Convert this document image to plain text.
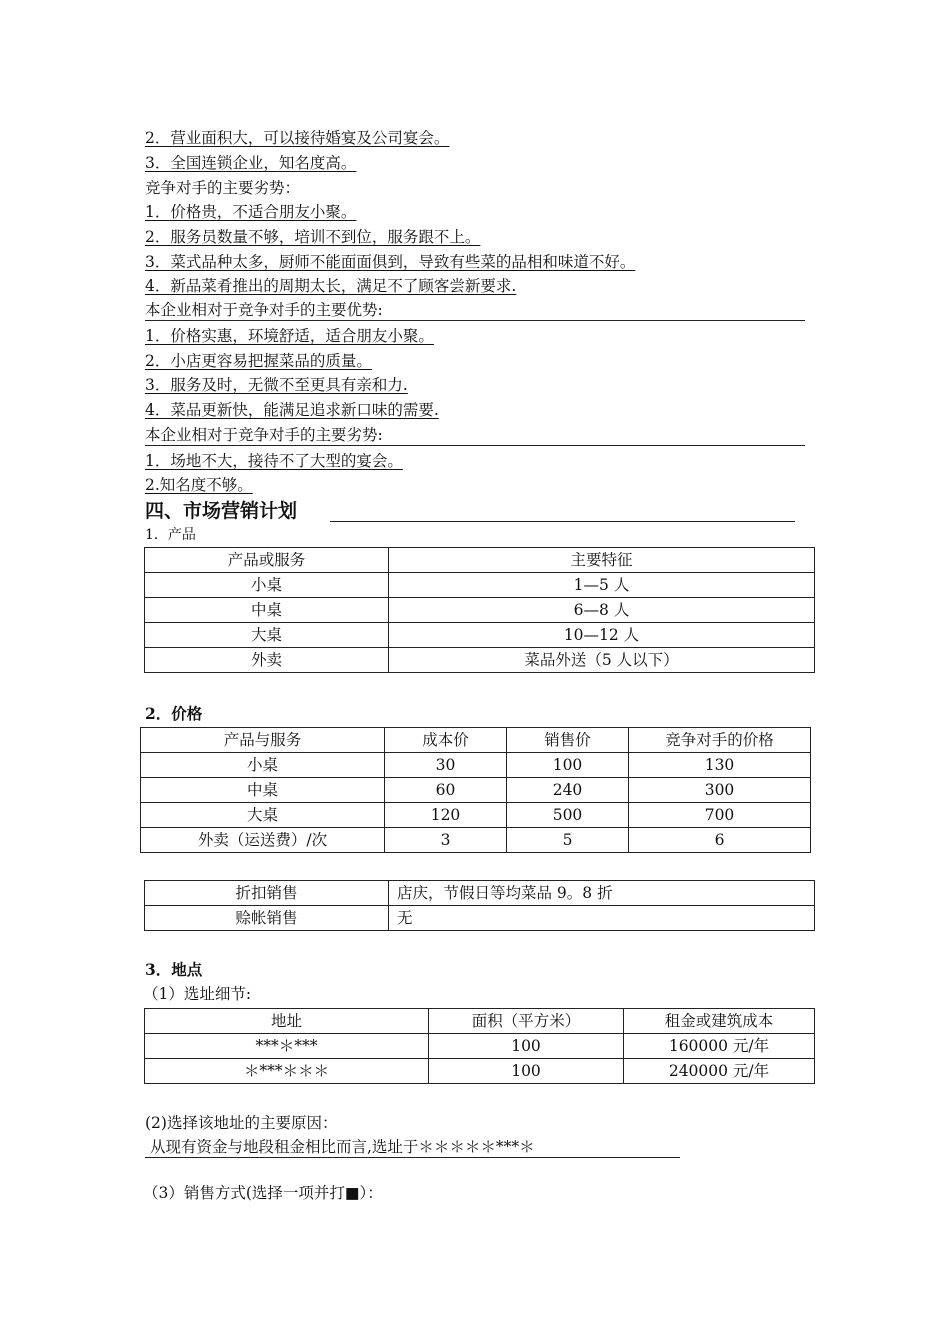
2．营业面积大，可以接待婚宴及公司宴会。
3．全国连锁企业，知名度高。
竞争对手的主要劣势：
1．价格贵，不适合朋友小聚。
2．服务员数量不够，培训不到位，服务跟不上。
3．菜式品种太多，厨师不能面面俱到，导致有些菜的品相和味道不好。
4．新品菜肴推出的周期太长，满足不了顾客尝新要求.
本企业相对于竞争对手的主要优势:
1．价格实惠，环境舒适，适合朋友小聚。
2．小店更容易把握菜品的质量。
3．服务及时，无微不至更具有亲和力.
4．菜品更新快，能满足追求新口味的需要.
本企业相对于竞争对手的主要劣势:
1．场地不大，接待不了大型的宴会。
2.知名度不够。
四、市场营销计划
1．产品
产品或服务	主要特征
小桌	1—5 人
中桌	6—8 人
大桌	10—12 人
外卖	菜品外送（5 人以下）
2．价格
产品与服务	成本价	销售价	竞争对手的价格
小桌	30	100	130
中桌	60	240	300
大桌	120	500	700
外卖（运送费）/次	3	5	6
折扣销售	店庆，节假日等均菜品 9。8 折
赊帐销售	无
3．地点
（1）选址细节:
地址	面积（平方米）	租金或建筑成本
***＊***	100	160000 元/年
＊***＊＊＊	100	240000 元/年
(2)选择该地址的主要原因：
从现有资金与地段租金相比而言,选址于＊＊＊＊＊***＊
（3）销售方式(选择一项并打■）：
